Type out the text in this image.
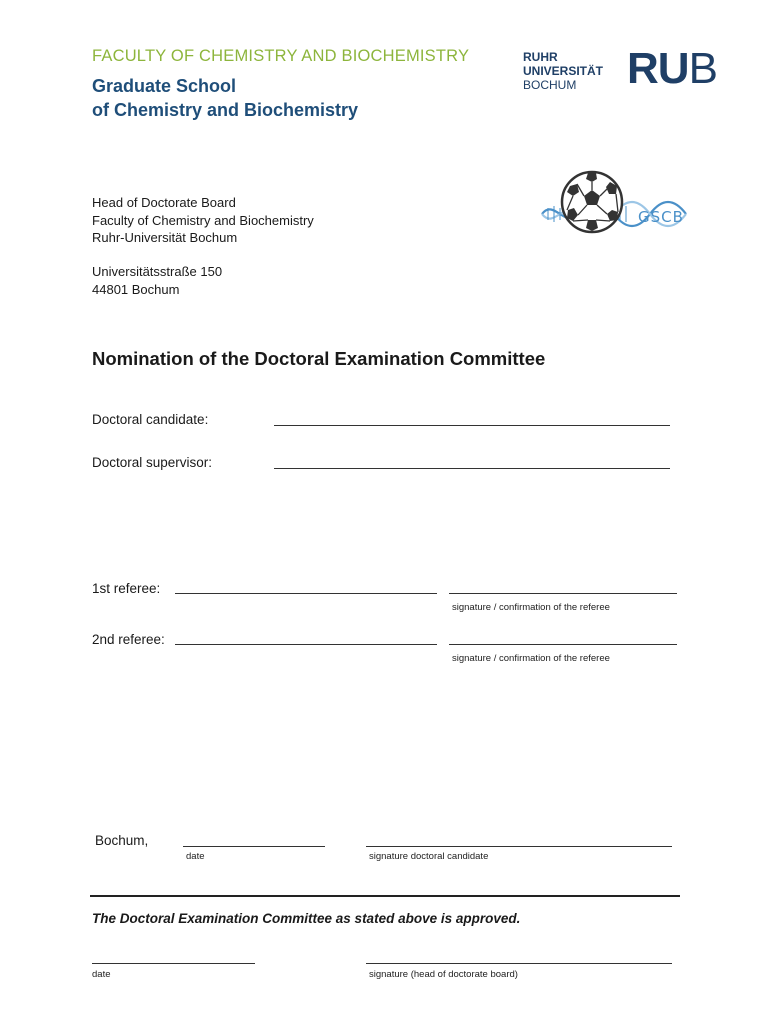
FACULTY OF CHEMISTRY AND BIOCHEMISTRY
Graduate School
of Chemistry and Biochemistry
RUHR
UNIVERSITÄT
BOCHUM	RUB
Head of Doctorate Board
Faculty of Chemistry and Biochemistry
Ruhr-Universität Bochum
Universitätsstraße 150
44801 Bochum
GSCB
Nomination of the Doctoral Examination Committee
Doctoral candidate:
Doctoral supervisor:
1st referee:
signature / confirmation of the referee
2nd referee:
signature / confirmation of the referee
Bochum,
date	signature doctoral candidate
The Doctoral Examination Committee as stated above is approved.
date	signature (head of doctorate board)
